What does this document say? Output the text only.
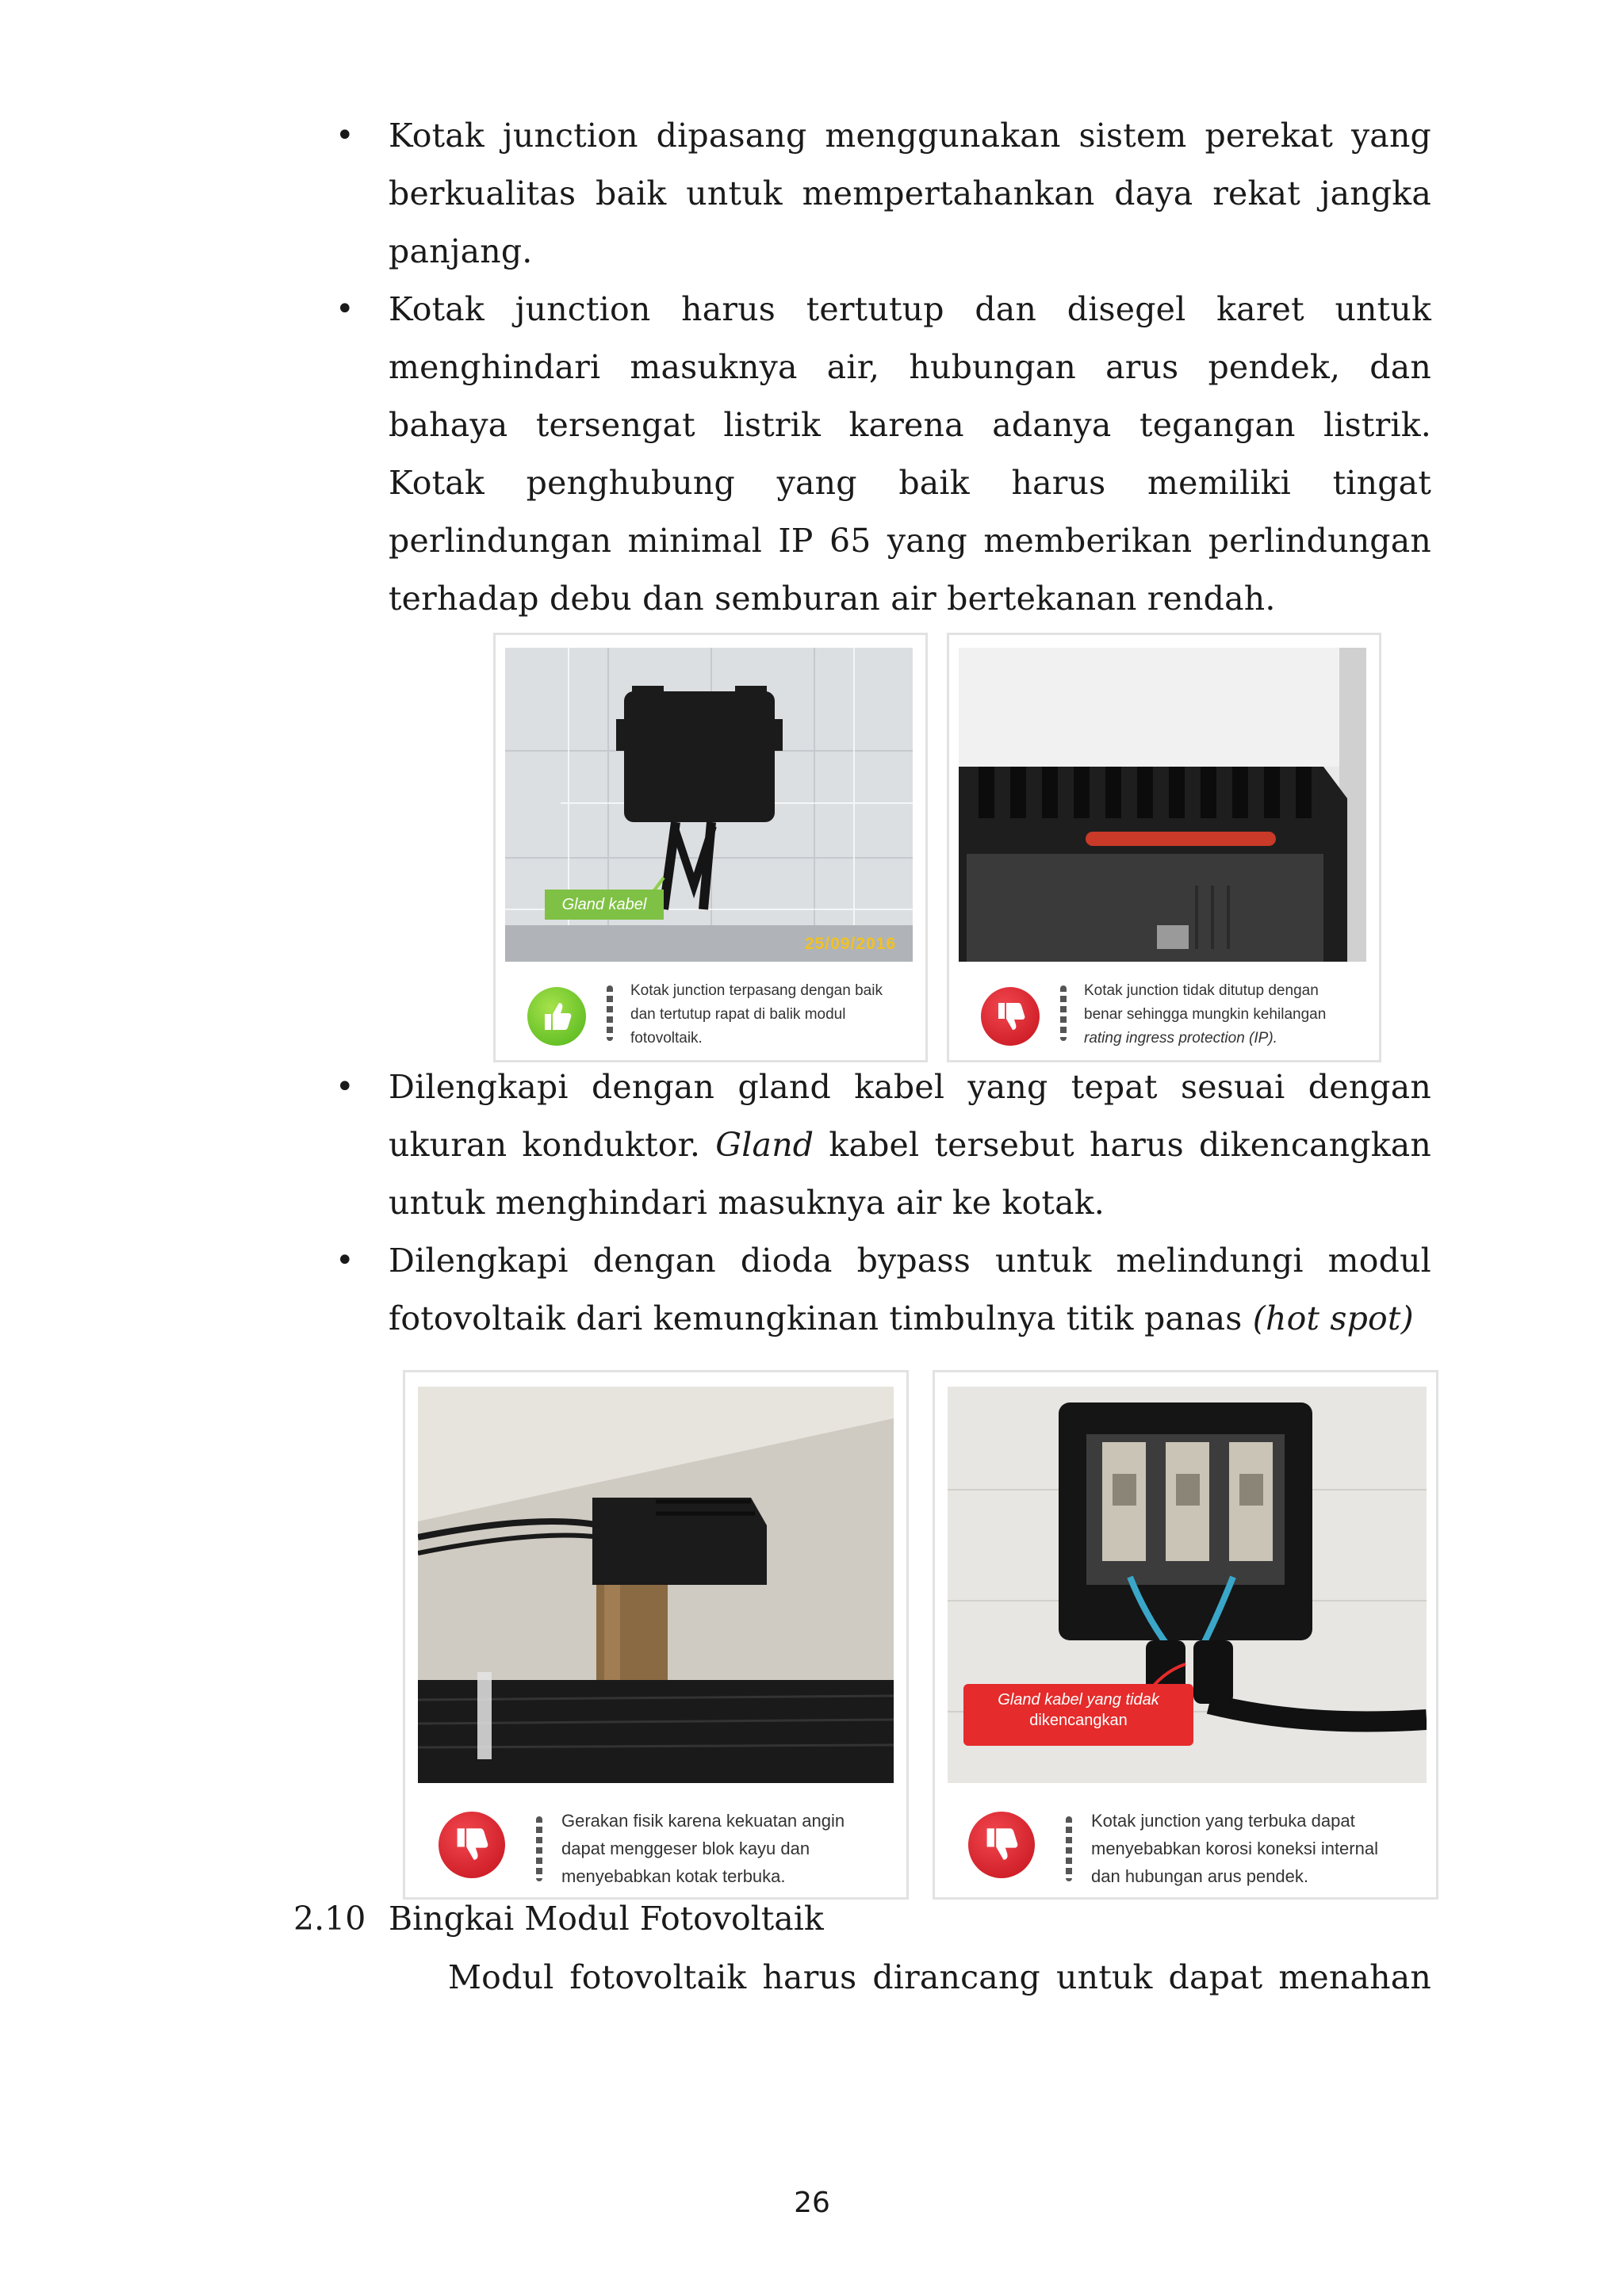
•	Kotak junction dipasang menggunakan sistem perekat yang berkualitas baik untuk mempertahankan daya rekat jangka panjang.

•	Kotak junction harus tertutup dan disegel karet untuk menghindari masuknya air, hubungan arus pendek, dan bahaya tersengat listrik karena adanya tegangan listrik. Kotak penghubung yang baik harus memiliki tingat perlindungan minimal IP 65 yang memberikan perlindungan terhadap debu dan semburan air bertekanan rendah.

Gland kabel
25/09/2016
Kotak junction terpasang dengan baik
dan tertutup rapat di balik modul
fotovoltaik.
Kotak junction tidak ditutup dengan
benar sehingga mungkin kehilangan
rating ingress protection (IP).
•	Dilengkapi dengan gland kabel yang tepat sesuai dengan ukuran konduktor. Gland kabel tersebut harus dikencangkan untuk menghindari masuknya air ke kotak.

•	Dilengkapi dengan dioda bypass untuk melindungi modul fotovoltaik dari kemungkinan timbulnya titik panas (hot spot)

Gerakan fisik karena kekuatan angin
dapat menggeser blok kayu dan
menyebabkan kotak terbuka.
Gland kabel yang tidak
dikencangkan
Kotak junction yang terbuka dapat
menyebabkan korosi koneksi internal
dan hubungan arus pendek.
2.10 Bingkai Modul Fotovoltaik

Modul fotovoltaik harus dirancang untuk dapat menahan

26
